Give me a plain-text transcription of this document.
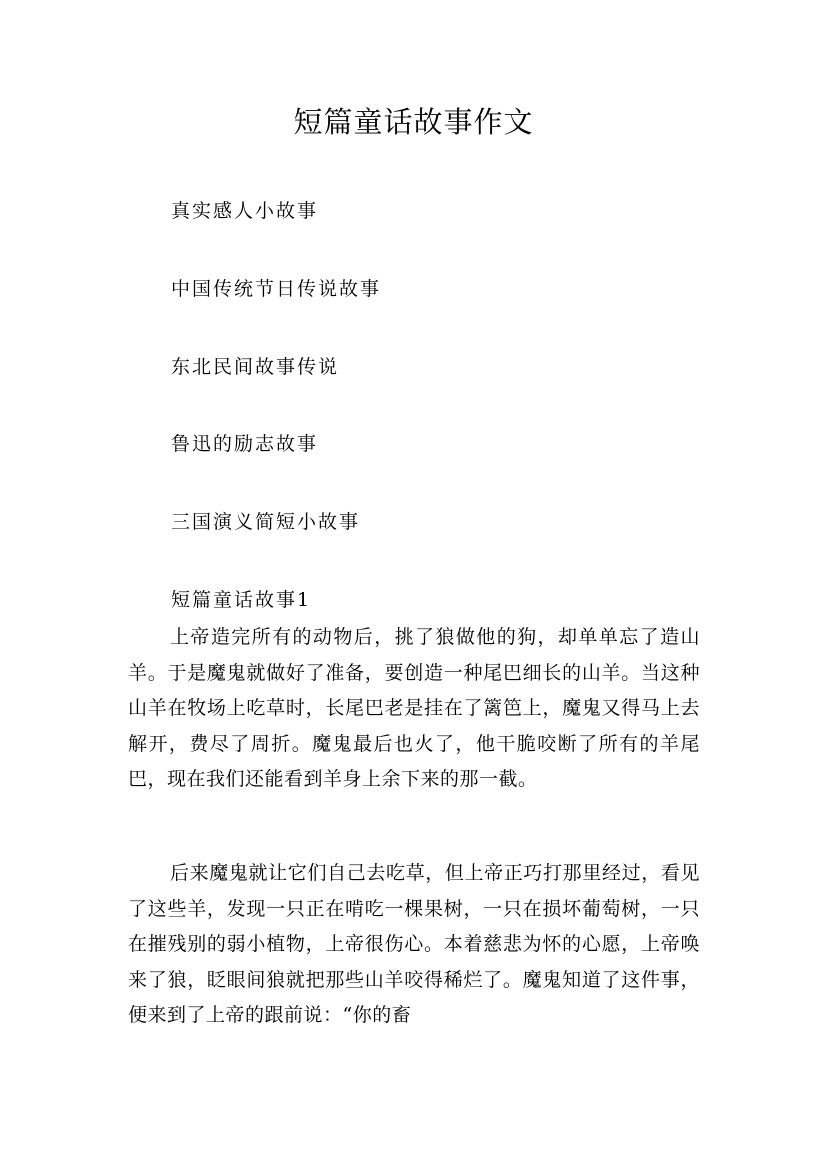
短篇童话故事作文
真实感人小故事
中国传统节日传说故事
东北民间故事传说
鲁迅的励志故事
三国演义简短小故事
短篇童话故事1

上帝造完所有的动物后，挑了狼做他的狗，却单单忘了造山羊。于是魔鬼就做好了准备，要创造一种尾巴细长的山羊。当这种山羊在牧场上吃草时，长尾巴老是挂在了篱笆上，魔鬼又得马上去解开，费尽了周折。魔鬼最后也火了，他干脆咬断了所有的羊尾巴，现在我们还能看到羊身上余下来的那一截。

后来魔鬼就让它们自己去吃草，但上帝正巧打那里经过，看见了这些羊，发现一只正在啃吃一棵果树，一只在损坏葡萄树，一只在摧残别的弱小植物，上帝很伤心。本着慈悲为怀的心愿，上帝唤来了狼，眨眼间狼就把那些山羊咬得稀烂了。魔鬼知道了这件事，便来到了上帝的跟前说：“你的畜
